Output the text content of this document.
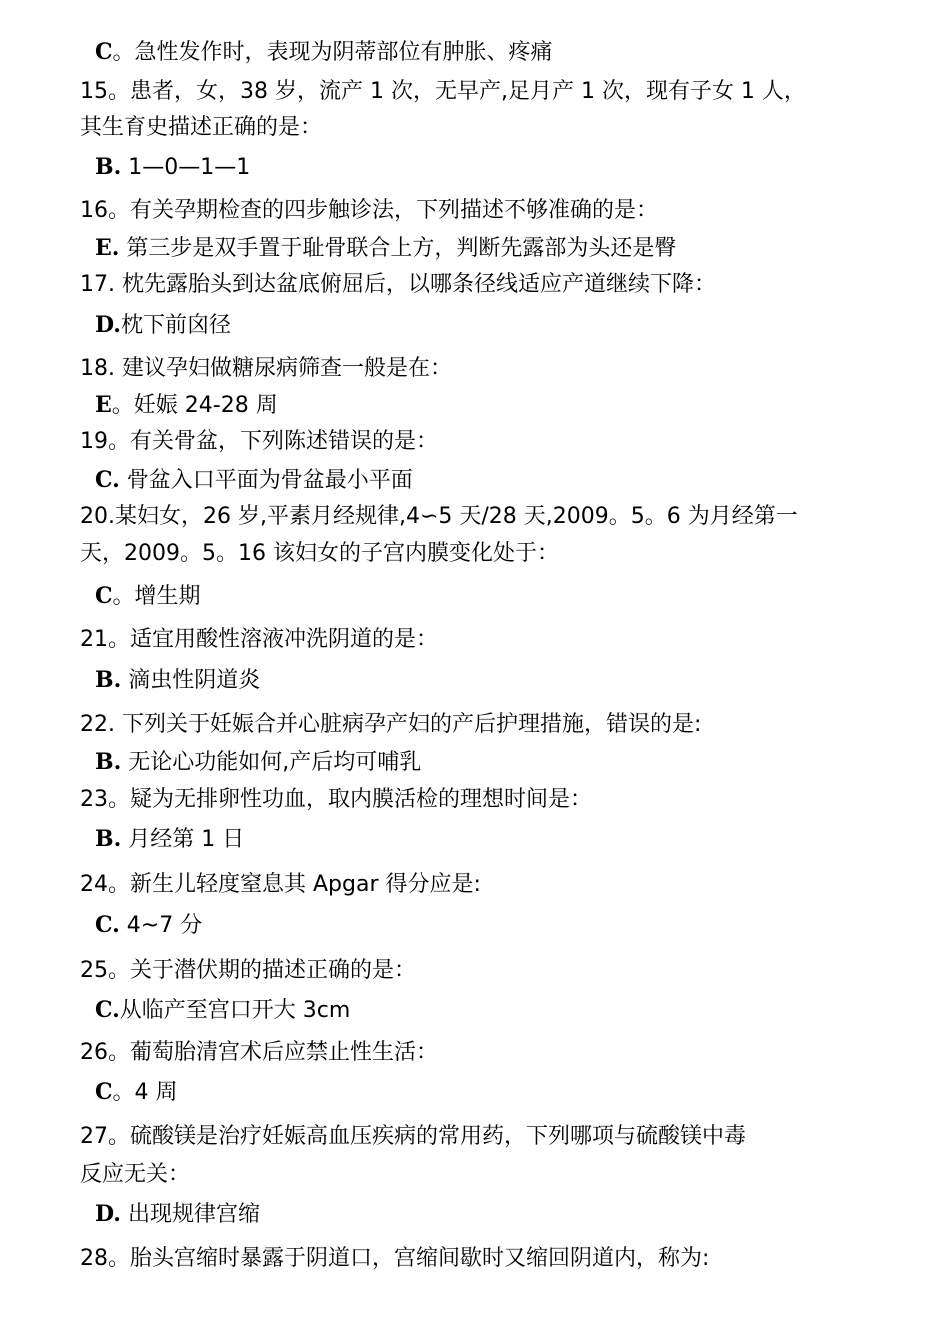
C。急性发作时，表现为阴蒂部位有肿胀、疼痛
15。患者，女，38 岁，流产 1 次，无早产,足月产 1 次，现有子女 1 人，
其生育史描述正确的是：
B. 1—0—1—1
16。有关孕期检查的四步触诊法，下列描述不够准确的是：
E. 第三步是双手置于耻骨联合上方，判断先露部为头还是臀
17. 枕先露胎头到达盆底俯屈后，以哪条径线适应产道继续下降：
D.枕下前囟径
18. 建议孕妇做糖尿病筛查一般是在：
E。妊娠 24-28 周
19。有关骨盆，下列陈述错误的是：
C. 骨盆入口平面为骨盆最小平面
20.某妇女，26 岁,平素月经规律,4∽5 天/28 天,2009。5。6 为月经第一
天，2009。5。16 该妇女的子宫内膜变化处于：
C。增生期
21。适宜用酸性溶液冲洗阴道的是：
B. 滴虫性阴道炎
22. 下列关于妊娠合并心脏病孕产妇的产后护理措施，错误的是:
B. 无论心功能如何,产后均可哺乳
23。疑为无排卵性功血，取内膜活检的理想时间是：
B. 月经第 1 日
24。新生儿轻度窒息其 Apgar 得分应是:
C. 4~7 分
25。关于潜伏期的描述正确的是：
C.从临产至宫口开大 3cm
26。葡萄胎清宫术后应禁止性生活：
C。4 周
27。硫酸镁是治疗妊娠高血压疾病的常用药，下列哪项与硫酸镁中毒
反应无关：
D. 出现规律宫缩
28。胎头宫缩时暴露于阴道口，宫缩间歇时又缩回阴道内，称为:
